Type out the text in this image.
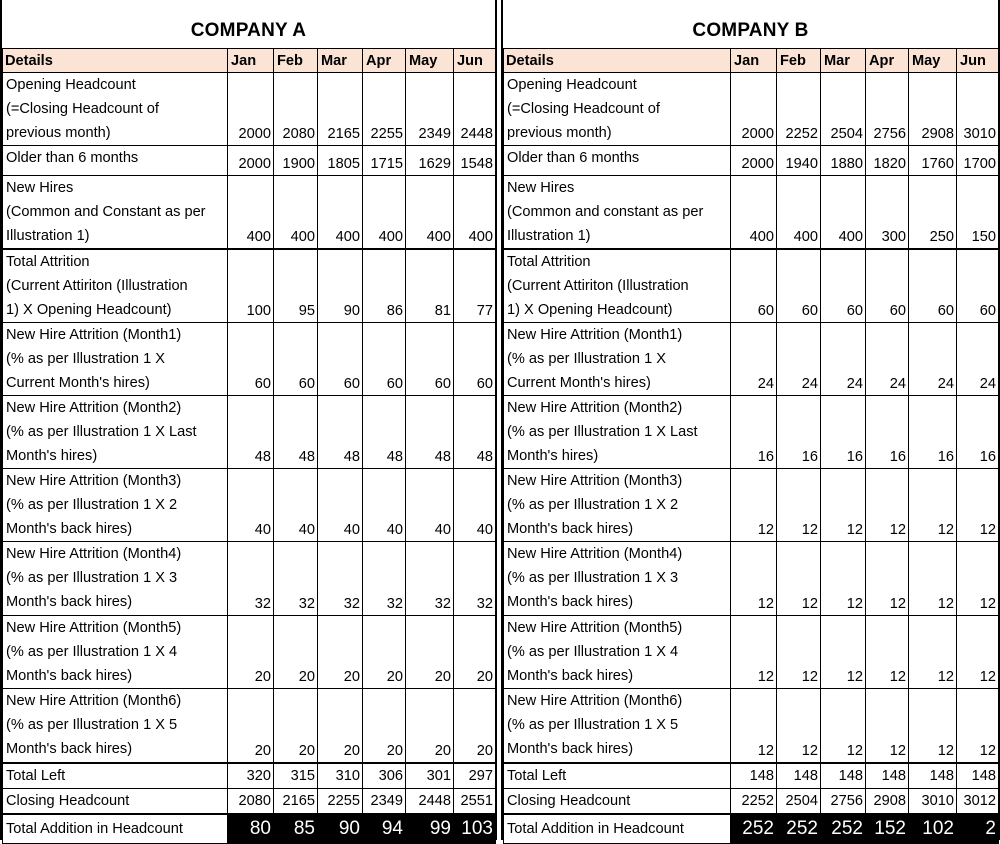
COMPANY A
Details	Jan	Feb	Mar	Apr	May	Jun

Opening Headcount
(=Closing Headcount of
previous month)	2000	2080	2165	2255	2349	2448

Older than 6 months	2000	1900	1805	1715	1629	1548

New Hires
(Common and Constant as per
Illustration 1)	400	400	400	400	400	400

Total Attrition
(Current Attiriton (Illustration
1) X Opening Headcount)	100	95	90	86	81	77

New Hire Attrition (Month1)
(% as per Illustration 1 X
Current Month's hires)	60	60	60	60	60	60

New Hire Attrition (Month2)
(% as per Illustration 1 X Last
Month's hires)	48	48	48	48	48	48

New Hire Attrition (Month3)
(% as per Illustration 1 X 2
Month's back hires)	40	40	40	40	40	40

New Hire Attrition (Month4)
(% as per Illustration 1 X 3
Month's back hires)	32	32	32	32	32	32

New Hire Attrition (Month5)
(% as per Illustration 1 X 4
Month's back hires)	20	20	20	20	20	20

New Hire Attrition (Month6)
(% as per Illustration 1 X 5
Month's back hires)	20	20	20	20	20	20

Total Left	320	315	310	306	301	297

Closing Headcount	2080	2165	2255	2349	2448	2551

Total Addition in Headcount	80	85	90	94	99	103
COMPANY B
Details	Jan	Feb	Mar	Apr	May	Jun

Opening Headcount
(=Closing Headcount of
previous month)	2000	2252	2504	2756	2908	3010

Older than 6 months	2000	1940	1880	1820	1760	1700

New Hires
(Common and constant as per
Illustration 1)	400	400	400	300	250	150

Total Attrition
(Current Attiriton (Illustration
1) X Opening Headcount)	60	60	60	60	60	60

New Hire Attrition (Month1)
(% as per Illustration 1 X
Current Month's hires)	24	24	24	24	24	24

New Hire Attrition (Month2)
(% as per Illustration 1 X Last
Month's hires)	16	16	16	16	16	16

New Hire Attrition (Month3)
(% as per Illustration 1 X 2
Month's back hires)	12	12	12	12	12	12

New Hire Attrition (Month4)
(% as per Illustration 1 X 3
Month's back hires)	12	12	12	12	12	12

New Hire Attrition (Month5)
(% as per Illustration 1 X 4
Month's back hires)	12	12	12	12	12	12

New Hire Attrition (Month6)
(% as per Illustration 1 X 5
Month's back hires)	12	12	12	12	12	12

Total Left	148	148	148	148	148	148

Closing Headcount	2252	2504	2756	2908	3010	3012

Total Addition in Headcount	252	252	252	152	102	2
